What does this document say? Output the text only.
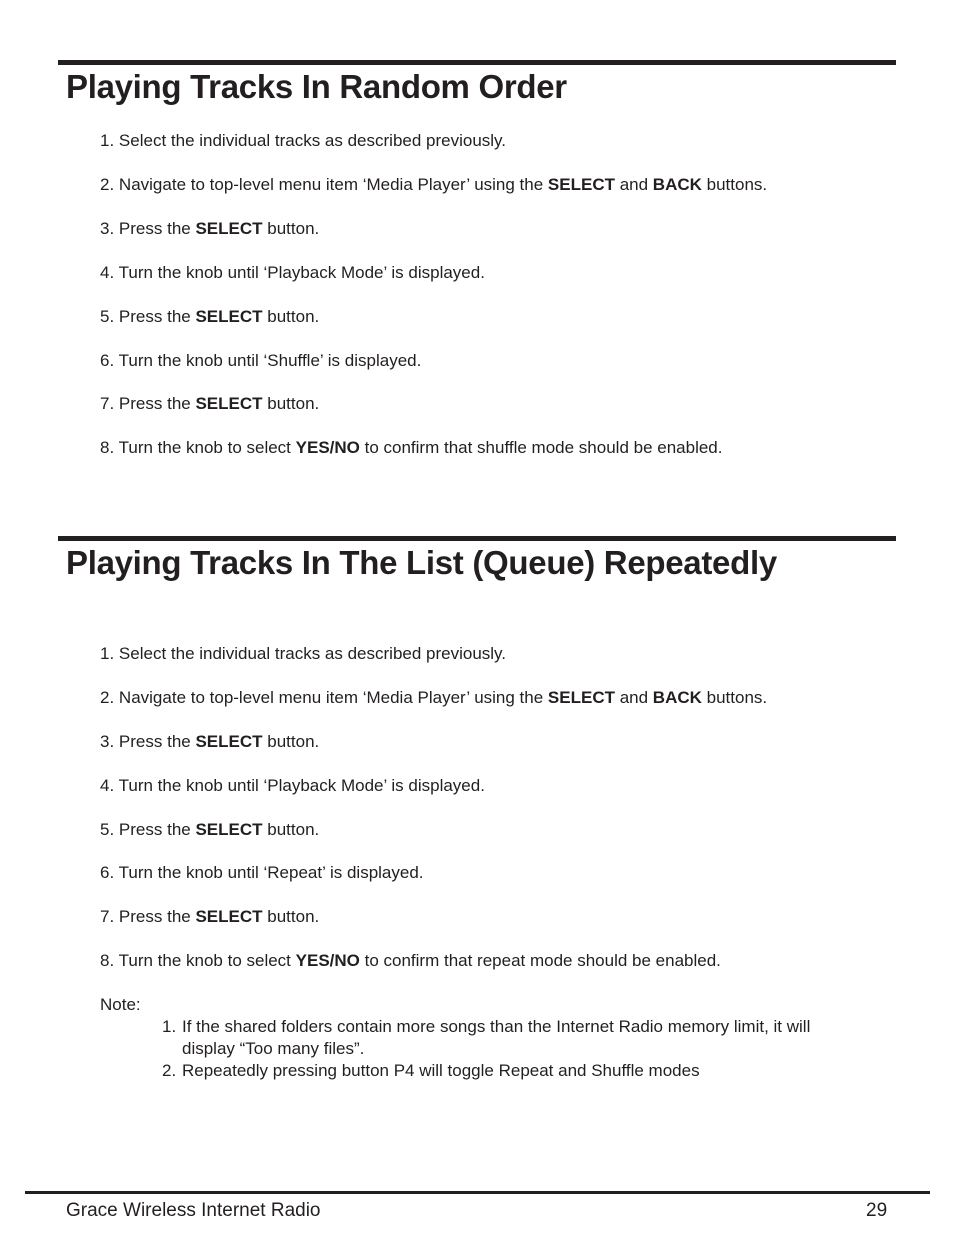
Playing Tracks In Random Order
1. Select the individual tracks as described previously.
2. Navigate to top-level menu item ‘Media Player’ using the SELECT and BACK buttons.
3. Press the SELECT button.
4. Turn the knob until ‘Playback Mode’ is displayed.
5. Press the SELECT button.
6. Turn the knob until ‘Shuffle’ is displayed.
7. Press the SELECT button.
8. Turn the knob to select YES/NO to confirm that shuffle mode should be enabled.
Playing Tracks In The List (Queue) Repeatedly
1. Select the individual tracks as described previously.
2. Navigate to top-level menu item ‘Media Player’ using the SELECT and BACK buttons.
3. Press the SELECT button.
4. Turn the knob until ‘Playback Mode’ is displayed.
5. Press the SELECT button.
6. Turn the knob until ‘Repeat’ is displayed.
7. Press the SELECT button.
8. Turn the knob to select YES/NO to confirm that repeat mode should be enabled.
Note:
1. If the shared folders contain more songs than the Internet Radio memory limit, it will display “Too many files”.
2. Repeatedly pressing button P4 will toggle Repeat and Shuffle modes
Grace Wireless Internet Radio	29
